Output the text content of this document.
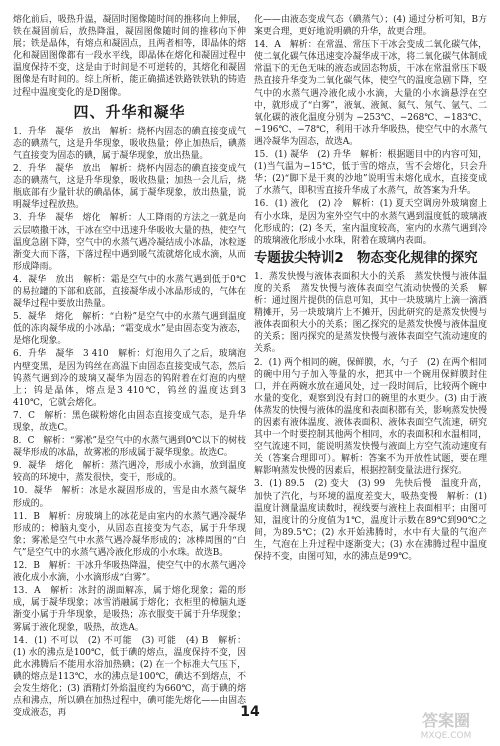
熔化前后，吸热升温，凝固时图像随时间的推移向上伸展，铁在凝固前后，放热降温，凝固图像随时间的推移向下伸展；铁是晶体，有熔点和凝固点，且两者相等，即晶体的熔化和凝固图像都有一段水平线，即晶体在熔化和凝固过程中温度保持不变，这是由于时间是不可逆转的，其熔化和凝固图像是有时间的。综上所析，能正确描述铁路铁铁轨的铸造过程中温度变化的是D图像。

四、升华和凝华

1．升华　凝华　放出　解析：烧杯内固态的碘直接变成气态的碘蒸气，这是升华现象，吸收热量；停止加热后，碘蒸气直接变为固态的碘，属于凝华现象，放出热量。

2．升华　凝华　放出　解析：烧杯内固态的碘直接变成气态的碘蒸气，这是升华现象，吸收热量；加热一会儿后，烧瓶底部有少量针状的碘晶体，属于凝华现象，放出热量，说明凝华过程放热。

3．升华　凝华　熔化　解析：人工降雨的方法之一就是向云层喷撒干冰，干冰在空中迅速升华吸收大量的热，使空气温度急剧下降，空气中的水蒸气遇冷凝结成小冰晶，冰粒逐渐变大而下落，下落过程中遇到暖气流就熔化成水滴，从而形成降雨。

4．凝华　放出　解析：霜是空气中的水蒸气遇到低于0℃的易拉罐的下部和底部，直接凝华成小冰晶形成的，气体在凝华过程中要放出热量。

5．凝华　熔化　解析：“白粉”是空气中的水蒸气遇到温度低的冻肉凝华成的小冰晶；“霜变成水”是由固态变为液态，是熔化现象。

6．升华　凝华　3 410　解析：灯泡用久了之后，玻璃泡内壁变黑，是因为钨丝在高温下由固态直接变成气态，然后钨蒸气遇到冷的玻璃又凝华为固态的钨附着在灯泡的内壁上；钨是晶体，熔点是3 410℃，钨丝的温度达到3 410℃，它就会熔化。

7．C　解析：黑色碳粉熔化由固态直接变成气态，是升华现象，故选C。

8．C　解析：“雾凇”是空气中的水蒸气遇到0℃以下的树枝凝华形成的冰晶，故雾凇的形成属于凝华现象。故选C。

9．凝华　熔化　解析：蒸汽遇冷，形成小水滴，放到温度较高的环境中，蒸发很快，变干，形成的。

10．凝华　解析：冰是水凝固形成的，雪是由水蒸气凝华形成的。

11．B　解析：房玻璃上的冰花是由室内的水蒸气遇冷凝华形成的；樟脑丸变小，从固态直接变为气态，属于升华现象；雾凇是空气中水蒸气遇冷凝华形成的；冰棒周围的“白气”是空气中的水蒸气遇冷液化形成的小水珠。故选B。

12．B　解析：干冰升华吸热降温，使空气中的水蒸气遇冷液化成小水滴，小水滴形成“白雾”。

13．A　解析：冰封的湖面解冻，属于熔化现象；霜的形成，属于凝华现象；冰雪消融属于熔化；衣柜里的樟脑丸逐渐变小属于升华现象，是吸热；冻衣服变干属于升华现象；雾属于液化现象，吸热，故选A。

14．(1) 不可以　(2) 不可能　(3) 可能　(4) B　解析：(1) 水的沸点是100℃，低于碘的熔点，温度保持不变，因此水沸腾后不能用水浴加热碘；(2) 在一个标准大气压下，碘的熔点是113℃，水的沸点是100℃，碘达不到熔点，不会发生熔化；(3) 酒精灯外焰温度约为660℃，高于碘的熔点和沸点，所以碘在加热过程中，碘可能先熔化——由固态变成液态，再

化——由液态变成气态（碘蒸气）；(4) 通过分析可知，B方案更合理，更好地说明碘的升华，故更合理。

14．A　解析：在常温、常压下干冰会变成二氧化碳气体，使二氧化碳气体迅速变冷凝华成干冰，将二氧化碳气体制成常温下的无色无味的液态或固态物质，干冰在常温常压下吸热直接升华变为二氧化碳气体，使空气的温度急剧下降，空气中的水蒸气遇冷液化成小水滴，大量的小水滴悬浮在空中，就形成了“白雾”，液氧、液氮、氦气、氖气、氩气、二氧化碳的液化温度分别为 −253℃、−268℃、−183℃、−196℃、−78℃，利用干冰升华吸热，使空气中的水蒸气遇冷凝华为固态，故选A。

15．(1) 凝华　(2) 升华　解析：根据题目中的内容可知，(1)当气温为−15℃，低于雪的熔点，雪不会熔化，只会升华；(2)“脚下是干爽的沙地”说明雪未熔化成水，直接变成了水蒸气，即积雪直接升华成了水蒸气，故答案为升华。

16．(1) 液化　(2) 冷　解析：(1) 夏天空调房外玻璃窗上有小水珠，是因为室外空气中的水蒸气遇到温度低的玻璃液化形成的；(2) 冬天，室内温度较高，室内的水蒸气遇到冷的玻璃液化形成小水珠，附着在玻璃内表面。

专题拔尖特训2　物态变化规律的探究

1．蒸发快慢与液体表面积大小的关系　蒸发快慢与液体温度的关系　蒸发快慢与液体表面空气流动快慢的关系　解析：通过图片提供的信息可知，其中一块玻璃片上滴一滴酒精摊开，另一块玻璃片上不摊开，因此研究的是蒸发快慢与液体表面积大小的关系；图乙探究的是蒸发快慢与液体温度的关系；图丙探究的是蒸发快慢与液体表面空气流动速度的关系。

2．(1) 两个相同的碗，保鲜膜，水，勺子　(2) 在两个相同的碗中用勺子加入等量的水，把其中一个碗用保鲜膜封住口，并在两碗水放在通风处，过一段时间后，比较两个碗中水量的变化，观察到没有封口的碗里的水更少。(3) 由于液体蒸发的快慢与液体的温度和表面积都有关，影响蒸发快慢的因素有液体温度、液体表面积、液体表面空气流速，研究其中一个时要控制其他两个相同，水的表面积和水温相同，空气流速不同，能说明蒸发快慢与液面上方空气流动速度有关（答案合理即可）。解析：答案不为开放性试题，要在理解影响蒸发快慢的因素后，根据控制变量法进行探究。

3．(1) 89.5　(2) 变大　(3) 99　先快后慢　温度升高，加快了汽化，与环境的温度差变大，吸热变慢　解析：(1) 温度计测量温度读数时，视线要与液柱上表面相平；由图可知，温度计的分度值为1℃，温度计示数在89℃到90℃之间，为89.5℃；(2) 水开始沸腾时，水中有大量的气泡产生，气泡在上升过程中逐渐变大；(3) 水在沸腾过程中温度保持不变，由图可知，水的沸点是99℃。

14	答案圈
MXQE.COM
